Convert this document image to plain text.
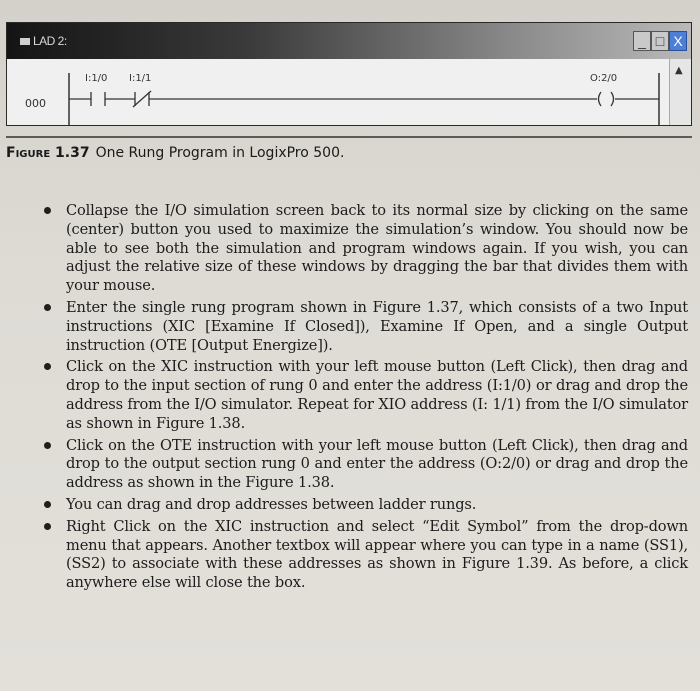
LAD 2:	_ □ X
000
I:1/0 I:1/1	O:2/0
▲
Figure 1.37 One Rung Program in LogixPro 500.
Collapse the I/O simulation screen back to its normal size by clicking on the same (center) button you used to maximize the simulation’s window. You should now be able to see both the simulation and program windows again. If you wish, you can adjust the relative size of these windows by dragging the bar that divides them with your mouse.
Enter the single rung program shown in Figure 1.37, which consists of a two Input instructions (XIC [Examine If Closed]), Examine If Open, and a single Output instruction (OTE [Output Energize]).
Click on the XIC instruction with your left mouse button (Left Click), then drag and drop to the input section of rung 0 and enter the address (I:1/0) or drag and drop the address from the I/O simulator. Repeat for XIO address (I: 1/1) from the I/O simulator as shown in Figure 1.38.
Click on the OTE instruction with your left mouse button (Left Click), then drag and drop to the output section rung 0 and enter the address (O:2/0) or drag and drop the address as shown in the Figure 1.38.
You can drag and drop addresses between ladder rungs.
Right Click on the XIC instruction and select “Edit Symbol” from the drop-down menu that appears. Another textbox will appear where you can type in a name (SS1), (SS2) to associate with these addresses as shown in Figure 1.39. As before, a click anywhere else will close the box.
